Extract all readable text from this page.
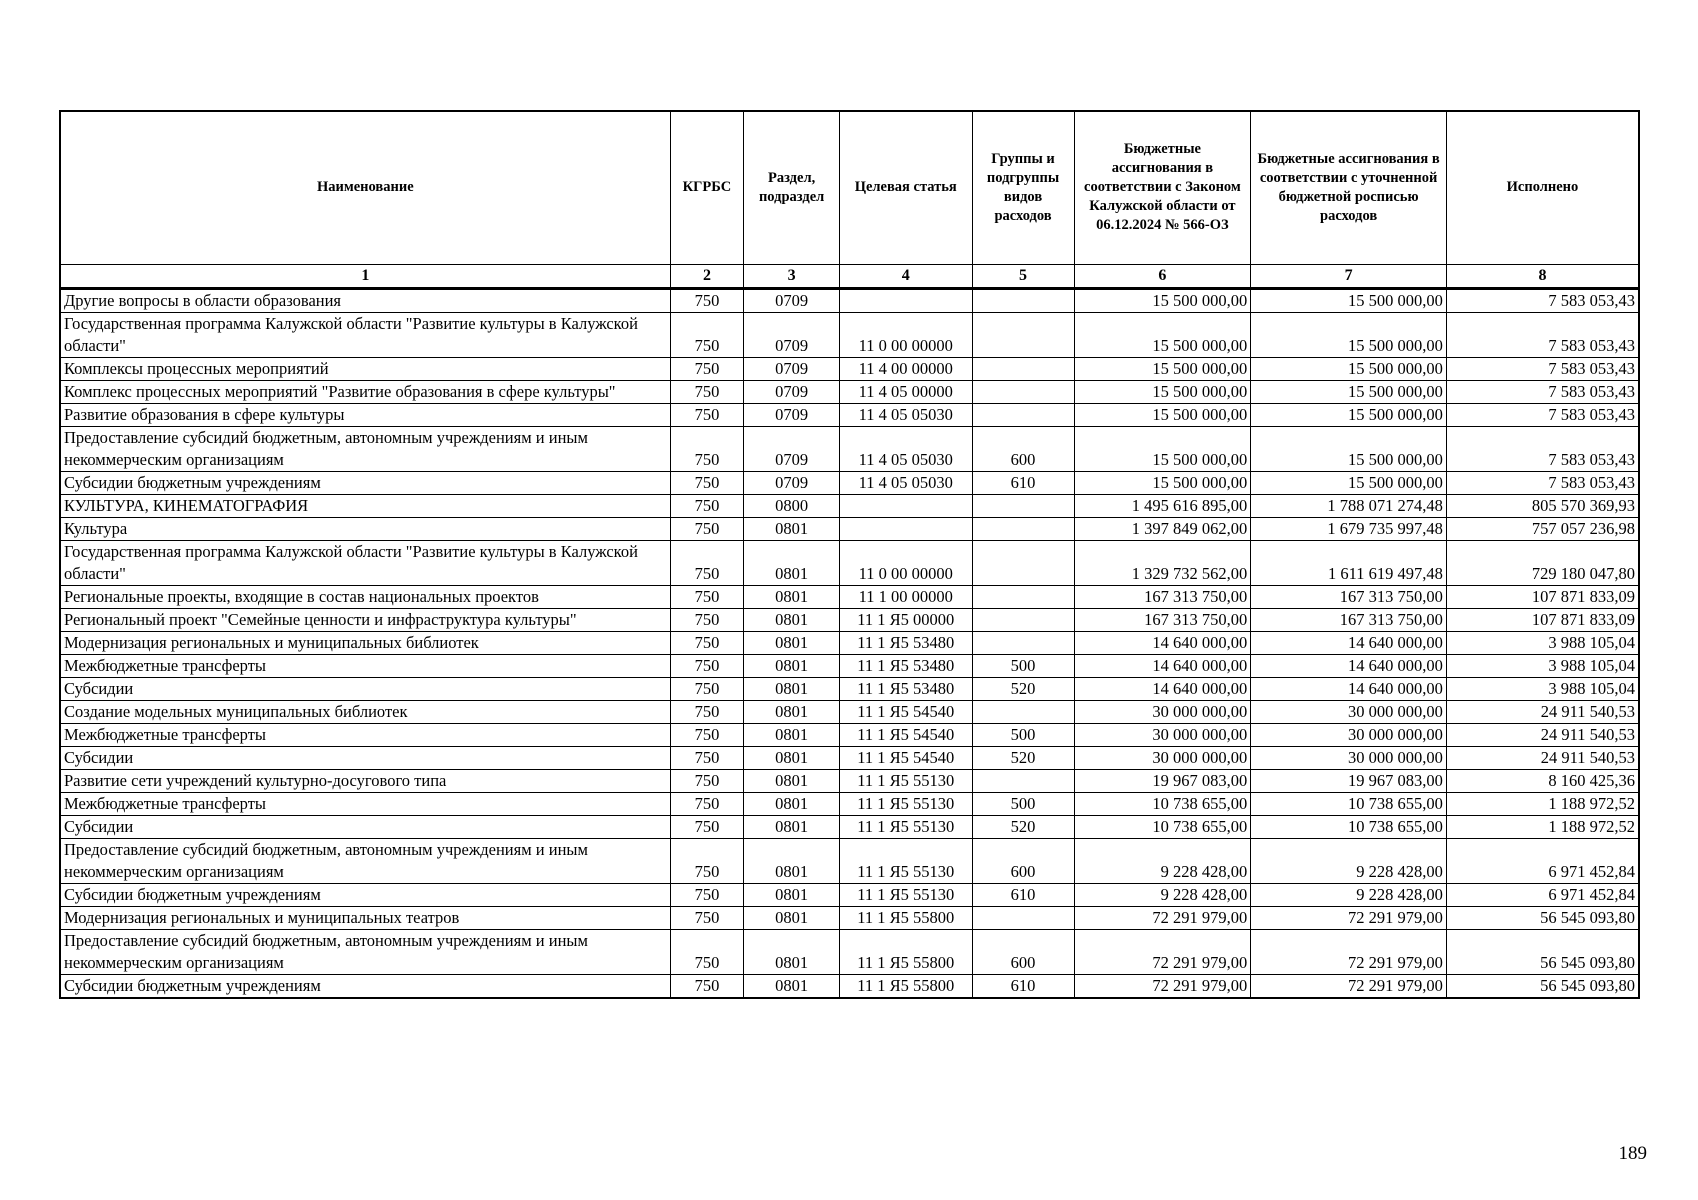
Наименование	КГРБС	Раздел, подраздел	Целевая статья	Группы и подгруппы видов расходов	Бюджетные ассигнования в соответствии с Законом Калужской области от 06.12.2024 № 566-ОЗ	Бюджетные ассигнования в соответствии с уточненной бюджетной росписью расходов	Исполнено
1	2	3	4	5	6	7	8
Другие вопросы в области образования	750	0709			15 500 000,00	15 500 000,00	7 583 053,43
Государственная программа Калужской области "Развитие культуры в Калужской области"	750	0709	11 0 00 00000		15 500 000,00	15 500 000,00	7 583 053,43
Комплексы процессных мероприятий	750	0709	11 4 00 00000		15 500 000,00	15 500 000,00	7 583 053,43
Комплекс процессных мероприятий "Развитие образования в сфере культуры"	750	0709	11 4 05 00000		15 500 000,00	15 500 000,00	7 583 053,43
Развитие образования в сфере культуры	750	0709	11 4 05 05030		15 500 000,00	15 500 000,00	7 583 053,43
Предоставление субсидий бюджетным, автономным учреждениям и иным некоммерческим организациям	750	0709	11 4 05 05030	600	15 500 000,00	15 500 000,00	7 583 053,43
Субсидии бюджетным учреждениям	750	0709	11 4 05 05030	610	15 500 000,00	15 500 000,00	7 583 053,43
КУЛЬТУРА, КИНЕМАТОГРАФИЯ	750	0800			1 495 616 895,00	1 788 071 274,48	805 570 369,93
Культура	750	0801			1 397 849 062,00	1 679 735 997,48	757 057 236,98
Государственная программа Калужской области "Развитие культуры в Калужской области"	750	0801	11 0 00 00000		1 329 732 562,00	1 611 619 497,48	729 180 047,80
Региональные проекты, входящие в состав национальных проектов	750	0801	11 1 00 00000		167 313 750,00	167 313 750,00	107 871 833,09
Региональный проект "Семейные ценности и инфраструктура культуры"	750	0801	11 1 Я5 00000		167 313 750,00	167 313 750,00	107 871 833,09
Модернизация региональных и муниципальных библиотек	750	0801	11 1 Я5 53480		14 640 000,00	14 640 000,00	3 988 105,04
Межбюджетные трансферты	750	0801	11 1 Я5 53480	500	14 640 000,00	14 640 000,00	3 988 105,04
Субсидии	750	0801	11 1 Я5 53480	520	14 640 000,00	14 640 000,00	3 988 105,04
Создание модельных муниципальных библиотек	750	0801	11 1 Я5 54540		30 000 000,00	30 000 000,00	24 911 540,53
Межбюджетные трансферты	750	0801	11 1 Я5 54540	500	30 000 000,00	30 000 000,00	24 911 540,53
Субсидии	750	0801	11 1 Я5 54540	520	30 000 000,00	30 000 000,00	24 911 540,53
Развитие сети учреждений культурно-досугового типа	750	0801	11 1 Я5 55130		19 967 083,00	19 967 083,00	8 160 425,36
Межбюджетные трансферты	750	0801	11 1 Я5 55130	500	10 738 655,00	10 738 655,00	1 188 972,52
Субсидии	750	0801	11 1 Я5 55130	520	10 738 655,00	10 738 655,00	1 188 972,52
Предоставление субсидий бюджетным, автономным учреждениям и иным некоммерческим организациям	750	0801	11 1 Я5 55130	600	9 228 428,00	9 228 428,00	6 971 452,84
Субсидии бюджетным учреждениям	750	0801	11 1 Я5 55130	610	9 228 428,00	9 228 428,00	6 971 452,84
Модернизация региональных и муниципальных театров	750	0801	11 1 Я5 55800		72 291 979,00	72 291 979,00	56 545 093,80
Предоставление субсидий бюджетным, автономным учреждениям и иным некоммерческим организациям	750	0801	11 1 Я5 55800	600	72 291 979,00	72 291 979,00	56 545 093,80
Субсидии бюджетным учреждениям	750	0801	11 1 Я5 55800	610	72 291 979,00	72 291 979,00	56 545 093,80
189
